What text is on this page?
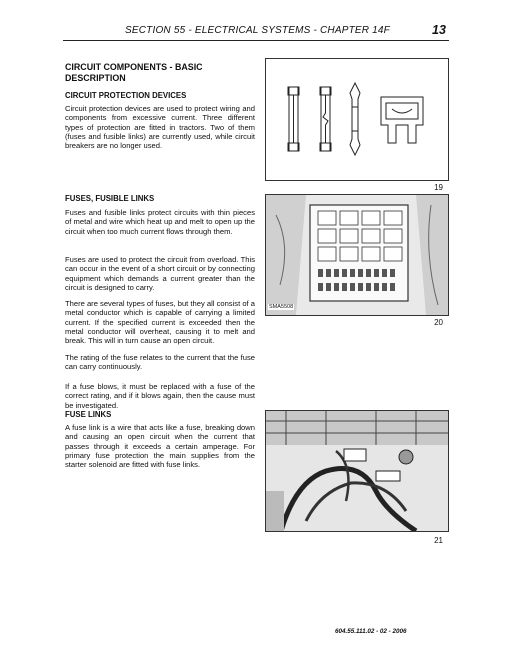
SECTION 55 - ELECTRICAL SYSTEMS - CHAPTER 14F	13
CIRCUIT COMPONENTS - BASIC DESCRIPTION
CIRCUIT PROTECTION DEVICES
Circuit protection devices are used to protect wiring and components from excessive current. Three different types of protection are fitted in tractors. Two of them (fuses and fusible links) are currently used, while circuit breakers are no longer used.
FUSES, FUSIBLE LINKS
Fuses and fusible links protect circuits with thin pieces of metal and wire which heat up and melt to open up the circuit when too much current flows through them.
Fuses are used to protect the circuit from overload. This can occur in the event of a short circuit or by connecting equipment which demands a current greater than the circuit is designed to carry.
There are several types of fuses, but they all consist of a metal conductor which is capable of carrying a limited current. If the specified current is exceeded then the metal conductor will overheat, causing it to melt and break. This will in turn cause an open circuit.
The rating of the fuse relates to the current that the fuse can carry continuously.
If a fuse blows, it must be replaced with a fuse of the correct rating, and if it blows again, then the cause must be investigated.
FUSE LINKS
A fuse link is a wire that acts like a fuse, breaking down and causing an open circuit when the current that passes through it exceeds a certain amperage. For primary fuse protection the main supplies from the starter solenoid are fitted with fuse links.
19
SMA5508
20
21
604.55.111.02 - 02 - 2006
